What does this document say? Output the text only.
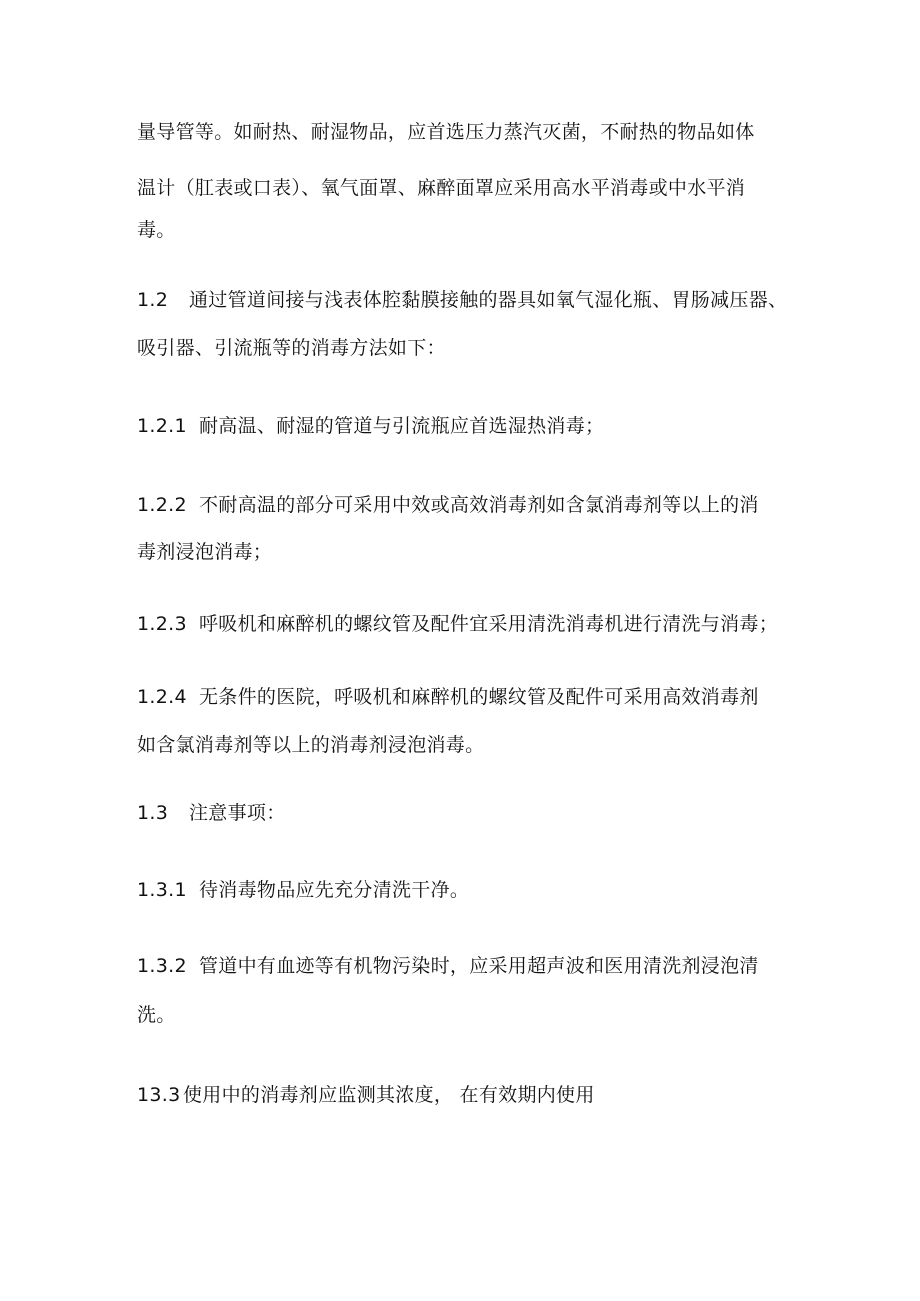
量导管等。如耐热、耐湿物品，应首选压力蒸汽灭菌，不耐热的物品如体
温计（肛表或口表）、氧气面罩、麻醉面罩应采用高水平消毒或中水平消
毒。
1.2 通过管道间接与浅表体腔黏膜接触的器具如氧气湿化瓶、胃肠减压器、
吸引器、引流瓶等的消毒方法如下：
1.2.1 耐高温、耐湿的管道与引流瓶应首选湿热消毒；
1.2.2 不耐高温的部分可采用中效或高效消毒剂如含氯消毒剂等以上的消
毒剂浸泡消毒；
1.2.3 呼吸机和麻醉机的螺纹管及配件宜采用清洗消毒机进行清洗与消毒；
1.2.4 无条件的医院，呼吸机和麻醉机的螺纹管及配件可采用高效消毒剂
如含氯消毒剂等以上的消毒剂浸泡消毒。
1.3 注意事项：
1.3.1 待消毒物品应先充分清洗干净。
1.3.2 管道中有血迹等有机物污染时，应采用超声波和医用清洗剂浸泡清
洗。
13.3 使用中的消毒剂应监测其浓度， 在有效期内使用
